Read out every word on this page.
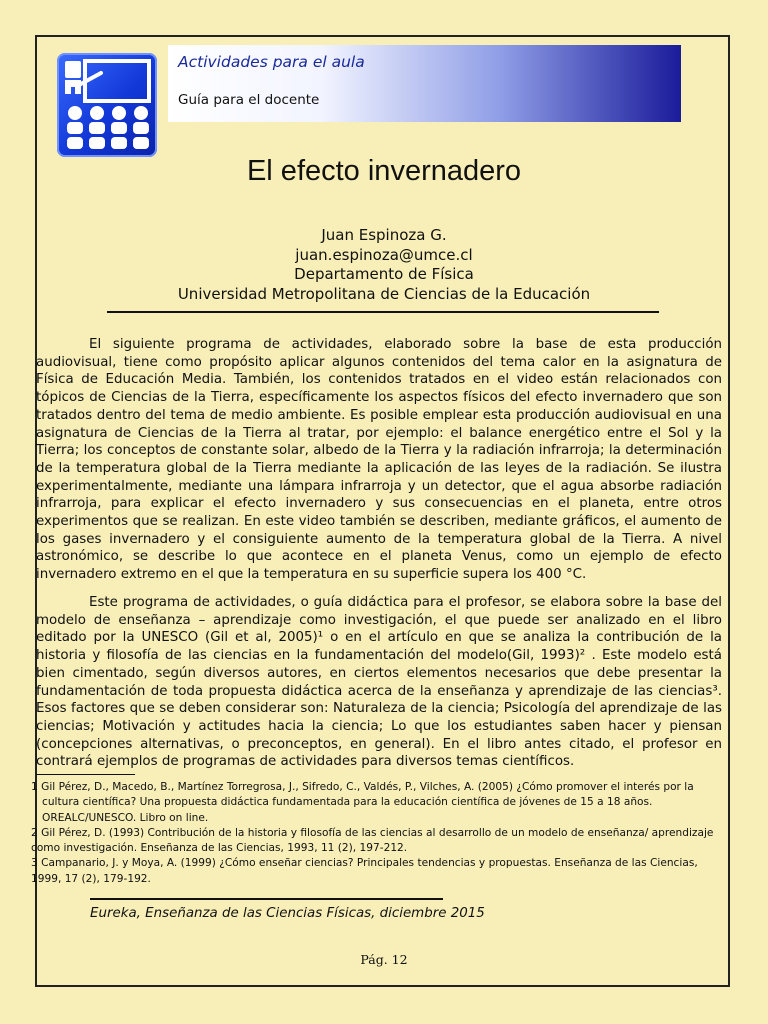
Actividades para el aula
Guía para el docente
El efecto invernadero
Juan Espinoza G.
juan.espinoza@umce.cl
Departamento de Física
Universidad Metropolitana de Ciencias de la Educación

El siguiente programa de actividades, elaborado sobre la base de esta producción audiovisual, tiene como propósito aplicar algunos contenidos del tema calor en la asignatura de Física de Educación Media. También, los contenidos tratados en el video están relacionados con tópicos de Ciencias de la Tierra, específicamente los aspectos físicos del efecto invernadero que son tratados dentro del tema de medio ambiente. Es posible emplear esta producción audiovisual en una asignatura de Ciencias de la Tierra al tratar, por ejemplo: el balance energético entre el Sol y la Tierra; los conceptos de constante solar, albedo de la Tierra y la radiación infrarroja; la determinación de la temperatura global de la Tierra mediante la aplicación de las leyes de la radiación. Se ilustra experimentalmente, mediante una lámpara infrarroja y un detector, que el agua absorbe radiación infrarroja, para explicar el efecto invernadero y sus consecuencias en el planeta, entre otros experimentos que se realizan. En este video también se describen, mediante gráficos, el aumento de los gases invernadero y el consiguiente aumento de la temperatura global de la Tierra. A nivel astronómico, se describe lo que acontece en el planeta Venus, como un ejemplo de efecto invernadero extremo en el que la temperatura en su superficie supera los 400 °C.

Este programa de actividades, o guía didáctica para el profesor, se elabora sobre la base del modelo de enseñanza – aprendizaje como investigación, el que puede ser analizado en el libro editado por la UNESCO (Gil et al, 2005)¹ o en el artículo en que se analiza la contribución de la historia y filosofía de las ciencias en la fundamentación del modelo(Gil, 1993)² . Este modelo está bien cimentado, según diversos autores, en ciertos elementos necesarios que debe presentar la fundamentación de toda propuesta didáctica acerca de la enseñanza y aprendizaje de las ciencias³. Esos factores que se deben considerar son: Naturaleza de la ciencia; Psicología del aprendizaje de las ciencias; Motivación y actitudes hacia la ciencia; Lo que los estudiantes saben hacer y piensan (concepciones alternativas, o preconceptos, en general). En el libro antes citado, el profesor en contrará ejemplos de programas de actividades para diversos temas científicos.

1 Gil Pérez, D., Macedo, B., Martínez Torregrosa, J., Sifredo, C., Valdés, P., Vilches, A. (2005) ¿Cómo promover el interés por la cultura científica? Una propuesta didáctica fundamentada para la educación científica de jóvenes de 15 a 18 años. OREALC/UNESCO. Libro on line.

2 Gil Pérez, D. (1993) Contribución de la historia y filosofía de las ciencias al desarrollo de un modelo de enseñanza/ aprendizaje como investigación. Enseñanza de las Ciencias, 1993, 11 (2), 197-212.

3 Campanario, J. y Moya, A. (1999) ¿Cómo enseñar ciencias? Principales tendencias y propuestas. Enseñanza de las Ciencias, 1999, 17 (2), 179-192.

Eureka, Enseñanza de las Ciencias Físicas, diciembre 2015
Pág. 12
